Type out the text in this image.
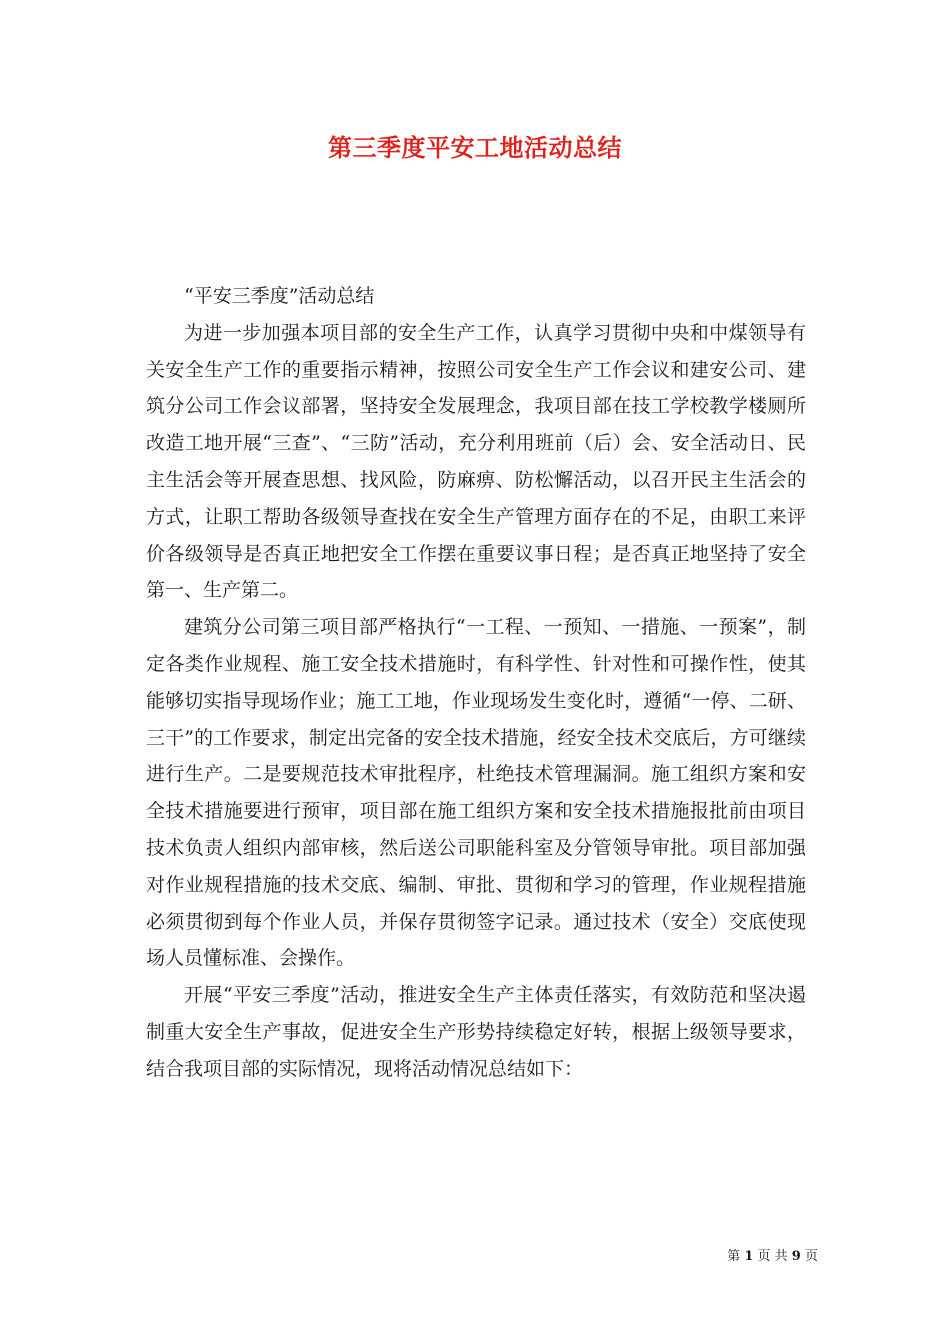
第三季度平安工地活动总结

“平安三季度”活动总结

为进一步加强本项目部的安全生产工作，认真学习贯彻中央和中煤领导有关安全生产工作的重要指示精神，按照公司安全生产工作会议和建安公司、建筑分公司工作会议部署，坚持安全发展理念，我项目部在技工学校教学楼厕所改造工地开展“三查”、“三防”活动，充分利用班前（后）会、安全活动日、民主生活会等开展查思想、找风险，防麻痹、防松懈活动，以召开民主生活会的方式，让职工帮助各级领导查找在安全生产管理方面存在的不足，由职工来评价各级领导是否真正地把安全工作摆在重要议事日程；是否真正地坚持了安全第一、生产第二。

建筑分公司第三项目部严格执行“一工程、一预知、一措施、一预案”，制定各类作业规程、施工安全技术措施时，有科学性、针对性和可操作性，使其能够切实指导现场作业；施工工地，作业现场发生变化时，遵循“一停、二研、三干”的工作要求，制定出完备的安全技术措施，经安全技术交底后，方可继续进行生产。二是要规范技术审批程序，杜绝技术管理漏洞。施工组织方案和安全技术措施要进行预审，项目部在施工组织方案和安全技术措施报批前由项目技术负责人组织内部审核，然后送公司职能科室及分管领导审批。项目部加强对作业规程措施的技术交底、编制、审批、贯彻和学习的管理，作业规程措施必须贯彻到每个作业人员，并保存贯彻签字记录。通过技术（安全）交底使现场人员懂标准、会操作。

开展“平安三季度”活动，推进安全生产主体责任落实，有效防范和坚决遏制重大安全生产事故，促进安全生产形势持续稳定好转，根据上级领导要求，结合我项目部的实际情况，现将活动情况总结如下：

第 1 页 共 9 页
